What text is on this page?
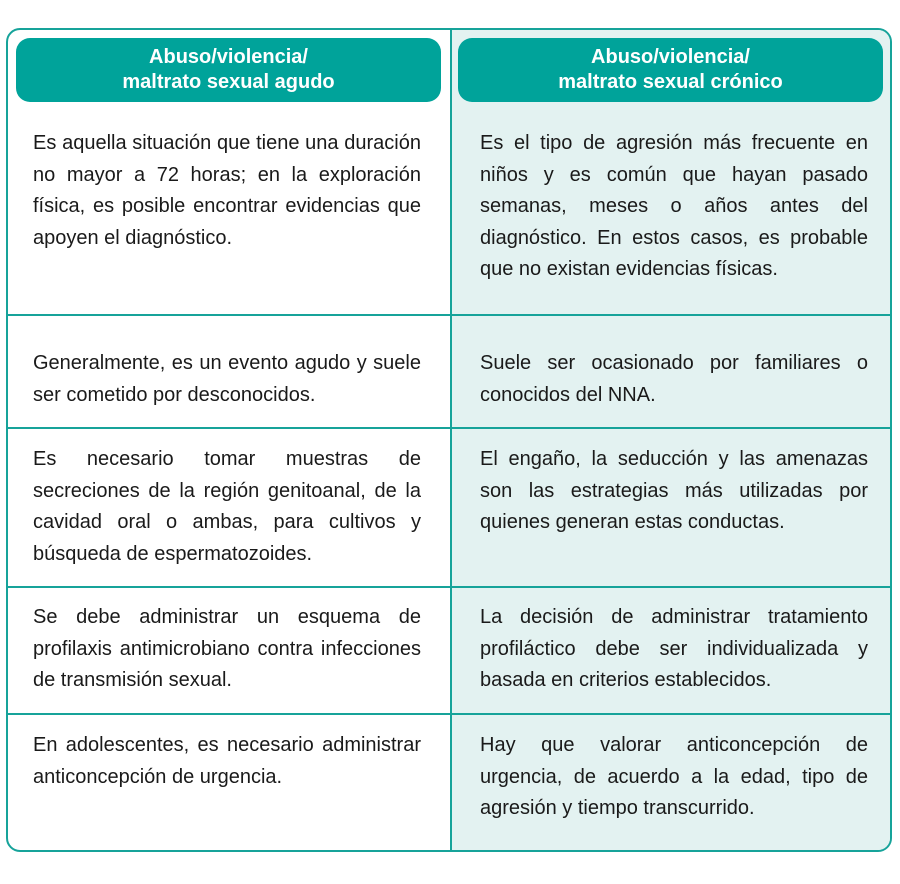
Abuso/violencia/
maltrato sexual agudo
Abuso/violencia/
maltrato sexual crónico
Es aquella situación que tiene una duración no mayor a 72 horas; en la exploración física, es posible encontrar evidencias que apoyen el diagnóstico.
Es el tipo de agresión más frecuente en niños y es común que hayan pasado semanas, meses o años antes del diagnóstico. En estos casos, es probable que no existan evidencias físicas.
Generalmente, es un evento agudo y suele ser cometido por desconocidos.
Suele ser ocasionado por familiares o conocidos del NNA.
Es necesario tomar muestras de secreciones de la región genitoanal, de la cavidad oral o ambas, para cultivos y búsqueda de espermatozoides.
El engaño, la seducción y las amenazas son las estrategias más utilizadas por quienes generan estas conductas.
Se debe administrar un esquema de profilaxis antimicrobiano contra infecciones de transmisión sexual.
La decisión de administrar tratamiento profiláctico debe ser individualizada y basada en criterios establecidos.
En adolescentes, es necesario administrar anticoncepción de urgencia.
Hay que valorar anticoncepción de urgencia, de acuerdo a la edad, tipo de agresión y tiempo transcurrido.
